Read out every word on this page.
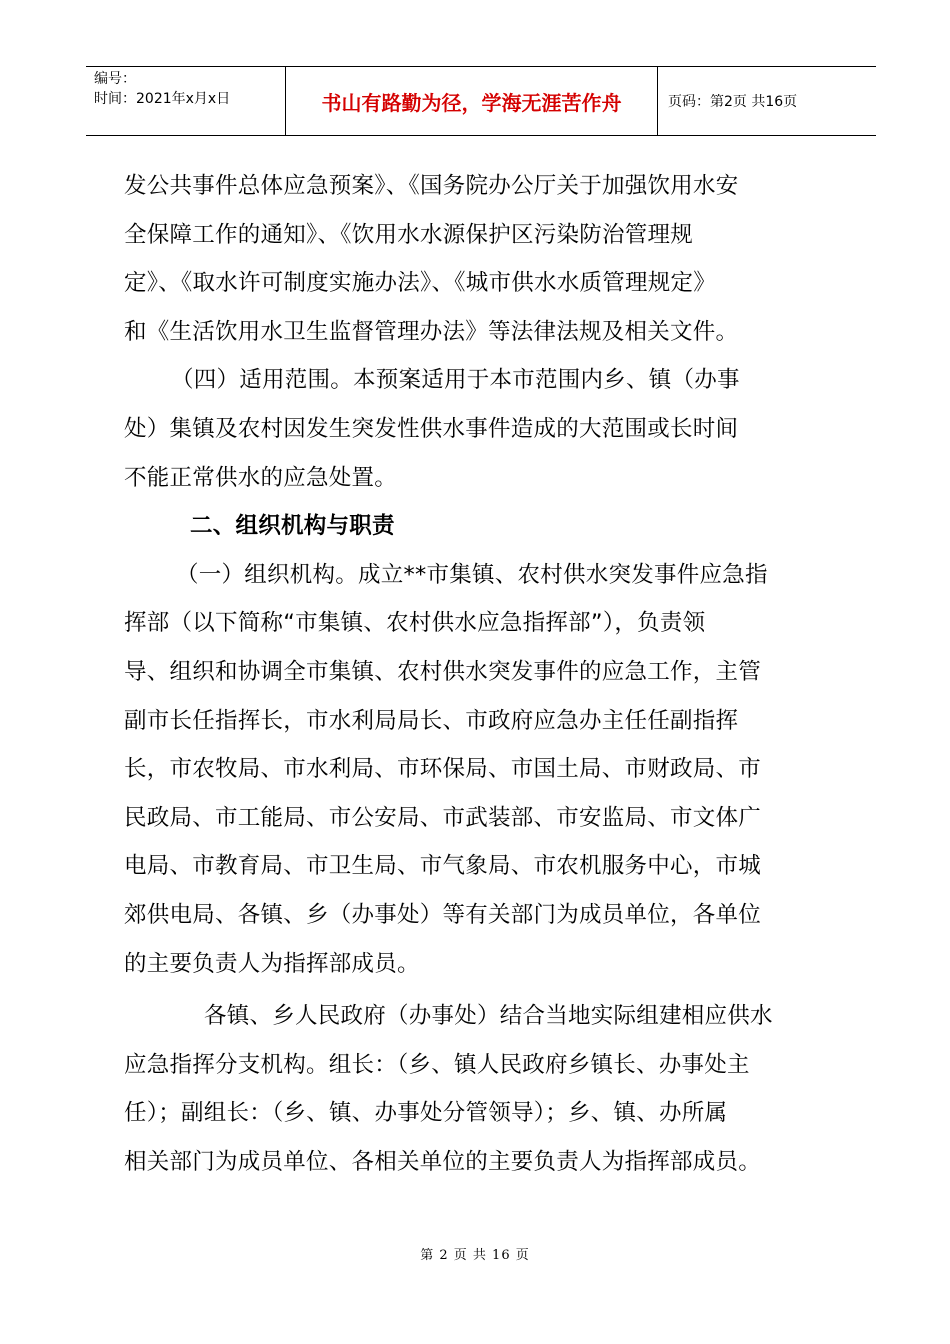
编号：
时间：2021年x月x日	书山有路勤为径，学海无涯苦作舟	页码：第2页 共16页
发公共事件总体应急预案》、《国务院办公厅关于加强饮用水安
全保障工作的通知》、《饮用水水源保护区污染防治管理规
定》、《取水许可制度实施办法》、《城市供水水质管理规定》
和《生活饮用水卫生监督管理办法》等法律法规及相关文件。
（四）适用范围。本预案适用于本市范围内乡、镇（办事
处）集镇及农村因发生突发性供水事件造成的大范围或长时间
不能正常供水的应急处置。
二、组织机构与职责
（一）组织机构。成立**市集镇、农村供水突发事件应急指
挥部（以下简称“市集镇、农村供水应急指挥部”），负责领
导、组织和协调全市集镇、农村供水突发事件的应急工作，主管
副市长任指挥长，市水利局局长、市政府应急办主任任副指挥
长，市农牧局、市水利局、市环保局、市国土局、市财政局、市
民政局、市工能局、市公安局、市武装部、市安监局、市文体广
电局、市教育局、市卫生局、市气象局、市农机服务中心，市城
郊供电局、各镇、乡（办事处）等有关部门为成员单位，各单位
的主要负责人为指挥部成员。
各镇、乡人民政府（办事处）结合当地实际组建相应供水
应急指挥分支机构。组长：（乡、镇人民政府乡镇长、办事处主
任）；副组长：（乡、镇、办事处分管领导）；乡、镇、办所属
相关部门为成员单位、各相关单位的主要负责人为指挥部成员。
第 2 页 共 16 页
